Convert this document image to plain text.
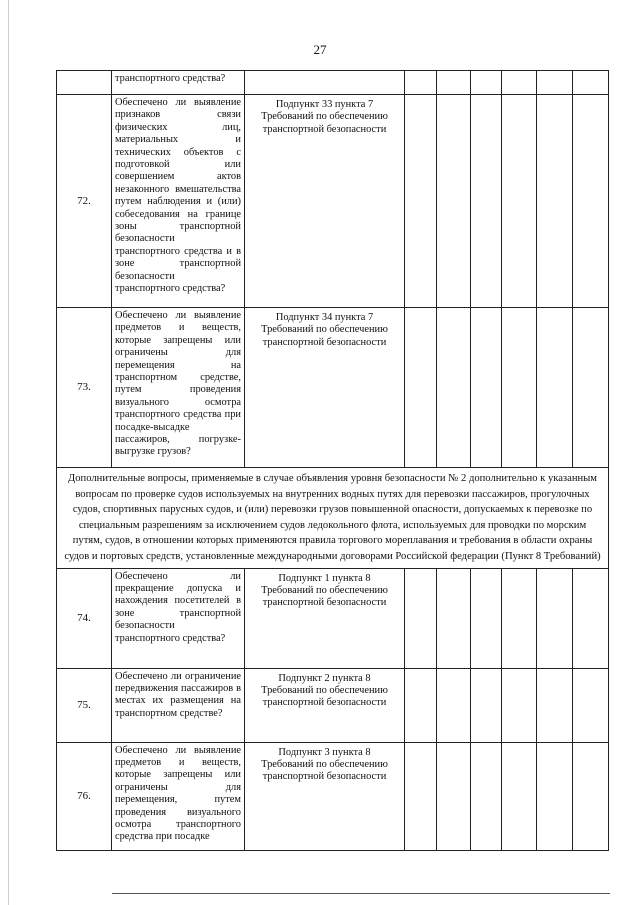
27

	транспортного средства?							

72.	Обеспечено ли выявление признаков связи физических лиц, материальных и технических объектов с подготовкой или совершением актов незаконного вмешательства путем наблюдения и (или) собеседования на границе зоны транспортной безопасности транспортного средства и в зоне транспортной безопасности транспортного средства?	Подпункт 33 пункта 7 Требований по обеспечению транспортной безопасности						
73.	Обеспечено ли выявление предметов и веществ, которые запрещены или ограничены для перемещения на транспортном средстве, путем проведения визуального осмотра транспортного средства при посадке-высадке пассажиров, погрузке-выгрузке грузов?	Подпункт 34 пункта 7 Требований по обеспечению транспортной безопасности						
Дополнительные вопросы, применяемые в случае объявления уровня безопасности № 2 дополнительно к указанным вопросам по проверке судов используемых на внутренних водных путях для перевозки пассажиров, прогулочных судов, спортивных парусных судов, и (или) перевозки грузов повышенной опасности, допускаемых к перевозке по специальным разрешениям за исключением судов ледокольного флота, используемых для проводки по морским путям, судов, в отношении которых применяются правила торгового мореплавания и требования в области охраны судов и портовых средств, установленные международными договорами Российской федерации (Пункт 8 Требований)								
74.	Обеспечено ли прекращение допуска и нахождения посетителей в зоне транспортной безопасности транспортного средства?	Подпункт 1 пункта 8 Требований по обеспечению транспортной безопасности						
75.	Обеспечено ли ограничение передвижения пассажиров в местах их размещения на транспортном средстве?	Подпункт 2 пункта 8 Требований по обеспечению транспортной безопасности						
76.	Обеспечено ли выявление предметов и веществ, которые запрещены или ограничены для перемещения, путем проведения визуального осмотра транспортного средства при посадке	Подпункт 3 пункта 8 Требований по обеспечению транспортной безопасности						
